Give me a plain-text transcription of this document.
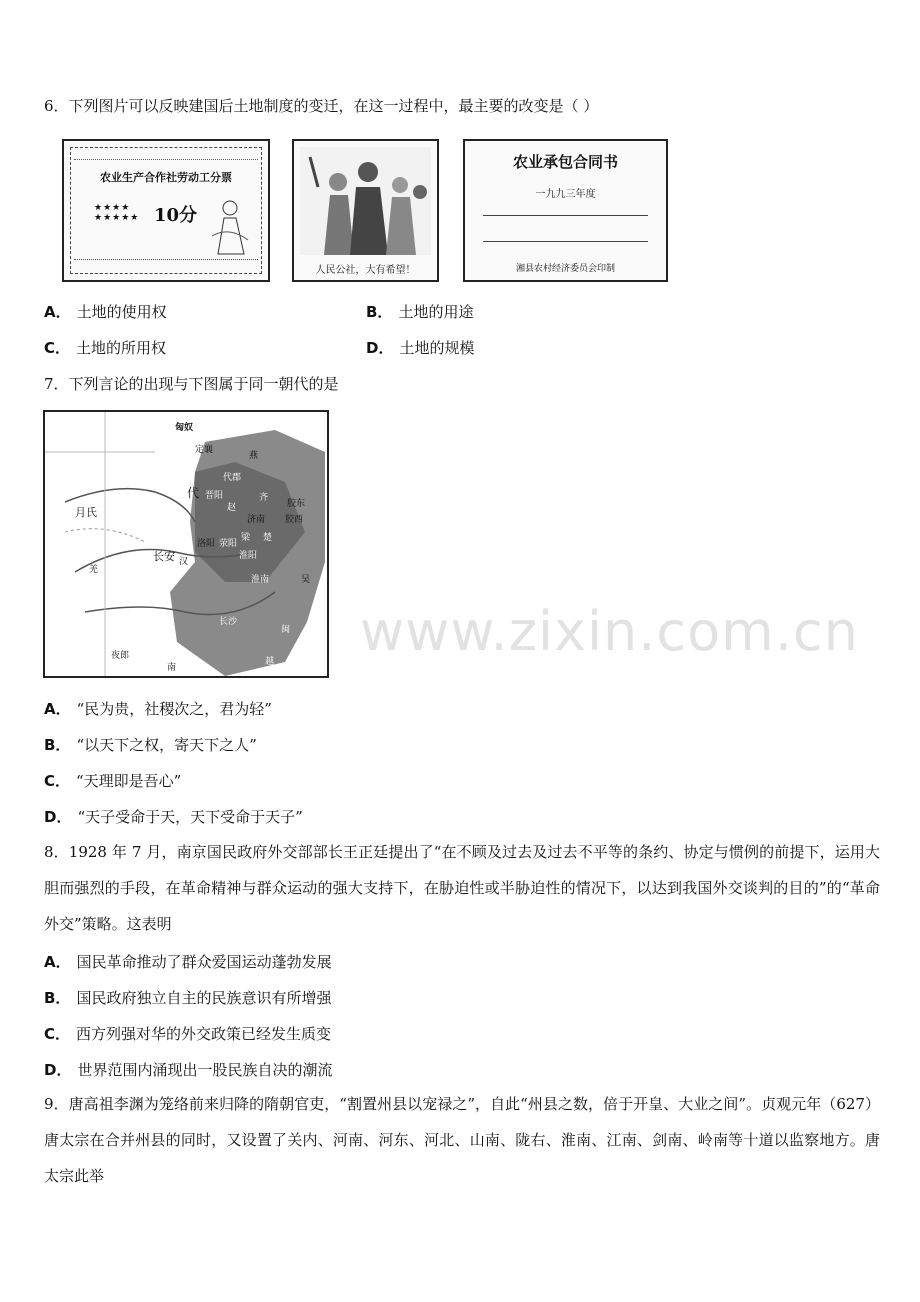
6．下列图片可以反映建国后土地制度的变迁，在这一过程中，最主要的改变是（ ）
农业生产合作社劳动工分票
★★★★
★★★★★ 10分
人民公社，大有希望！
农业承包合同书
一九九三年度
湘县农村经济委员会印制
A． 土地的使用权	B． 土地的用途
C． 土地的所用权	D． 土地的规模
7．下列言论的出现与下图属于同一朝代的是
匈奴
定襄
代郡
代 晋阳
赵
月氏
燕
齐
胶东
济南 胶西
梁 楚
长安 汉
淮阳
洛阳 荥阳
淮南
羌
长沙
闽
越
夜郎
南
吴
A． “民为贵，社稷次之，君为轻”
B． “以天下之权，寄天下之人”
C． “天理即是吾心”
D． “天子受命于天，天下受命于天子”
8．1928 年 7 月，南京国民政府外交部部长王正廷提出了“在不顾及过去及过去不平等的条约、协定与惯例的前提下，运用大胆而强烈的手段，在革命精神与群众运动的强大支持下，在胁迫性或半胁迫性的情况下，以达到我国外交谈判的目的”的“革命外交”策略。这表明
A． 国民革命推动了群众爱国运动蓬勃发展
B． 国民政府独立自主的民族意识有所增强
C． 西方列强对华的外交政策已经发生质变
D． 世界范围内涌现出一股民族自决的潮流
9．唐高祖李渊为笼络前来归降的隋朝官吏，“割置州县以宠禄之”，自此“州县之数，倍于开皇、大业之间”。贞观元年（627）唐太宗在合并州县的同时，又设置了关内、河南、河东、河北、山南、陇右、淮南、江南、剑南、岭南等十道以监察地方。唐太宗此举
www.zixin.com.cn
